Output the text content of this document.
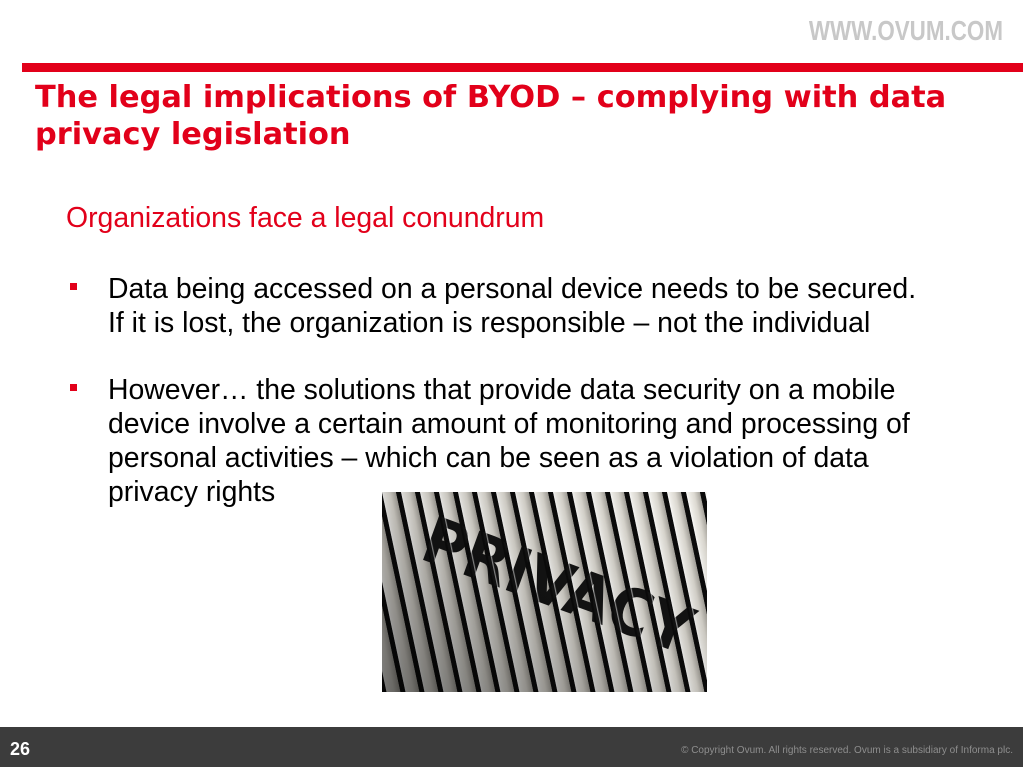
WWW.OVUM.COM
The legal implications of BYOD – complying with data privacy legislation
Organizations face a legal conundrum
Data being accessed on a personal device needs to be secured. If it is lost, the organization is responsible – not the individual
However… the solutions that provide data security on a mobile device involve a certain amount of monitoring and processing of personal activities – which can be seen as a violation of data privacy rights
26	© Copyright Ovum. All rights reserved. Ovum is a subsidiary of Informa plc.
